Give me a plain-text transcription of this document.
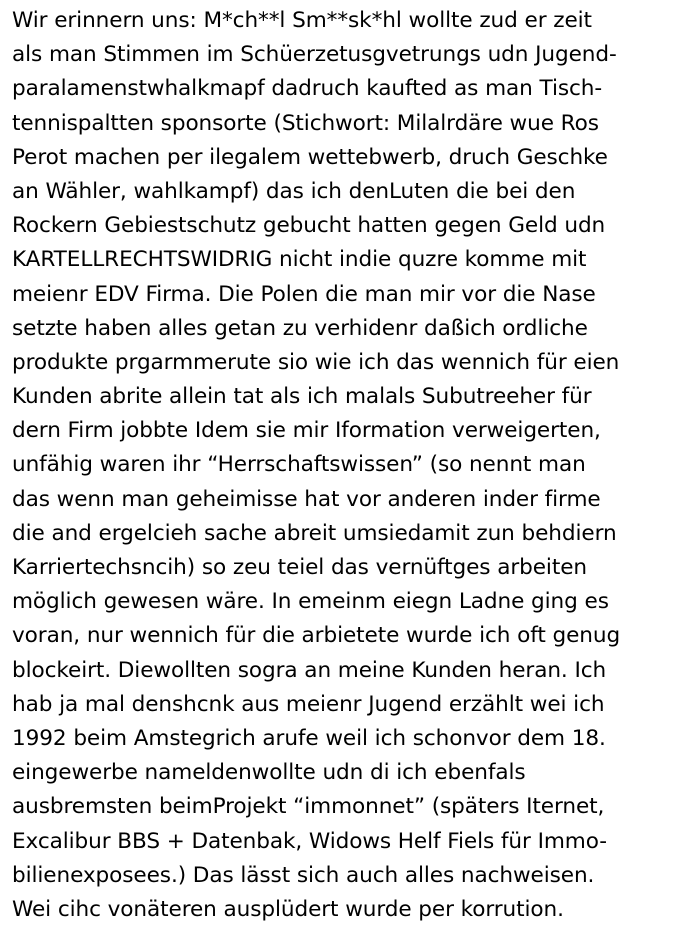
Wir erinnern uns: M*ch**l Sm**sk*hl wollte zud er zeit
als man Stimmen im Schüerzetusgvetrungs udn Jugend-
paralamenstwhalkmapf dadruch kaufted as man Tisch-
tennispaltten sponsorte (Stichwort: Milalrdäre wue Ros
Perot machen per ilegalem wettebwerb, druch Geschke
an Wähler, wahlkampf) das ich denLuten die bei den
Rockern Gebiestschutz gebucht hatten gegen Geld udn
KARTELLRECHTSWIDRIG nicht indie quzre komme mit
meienr EDV Firma. Die Polen die man mir vor die Nase
setzte haben alles getan zu verhidenr daßich ordliche
produkte prgarmmerute sio wie ich das wennich für eien
Kunden abrite allein tat als ich malals Subutreeher für
dern Firm jobbte Idem sie mir Iformation verweigerten,
unfähig waren ihr “Herrschaftswissen” (so nennt man
das wenn man geheimisse hat vor anderen inder firme
die and ergelcieh sache abreit umsiedamit zun behdiern
Karriertechsncih) so zeu teiel das vernüftges arbeiten
möglich gewesen wäre. In emeinm eiegn Ladne ging es
voran, nur wennich für die arbietete wurde ich oft genug
blockeirt. Diewollten sogra an meine Kunden heran. Ich
hab ja mal denshcnk aus meienr Jugend erzählt wei ich
1992 beim Amstegrich arufe weil ich schonvor dem 18.
eingewerbe nameldenwollte udn di ich ebenfals
ausbremsten beimProjekt “immonnet” (späters Iternet,
Excalibur BBS + Datenbak, Widows Helf Fiels für Immo-
bilienexposees.) Das lässt sich auch alles nachweisen.
Wei cihc vonäteren ausplüdert wurde per korrution.
